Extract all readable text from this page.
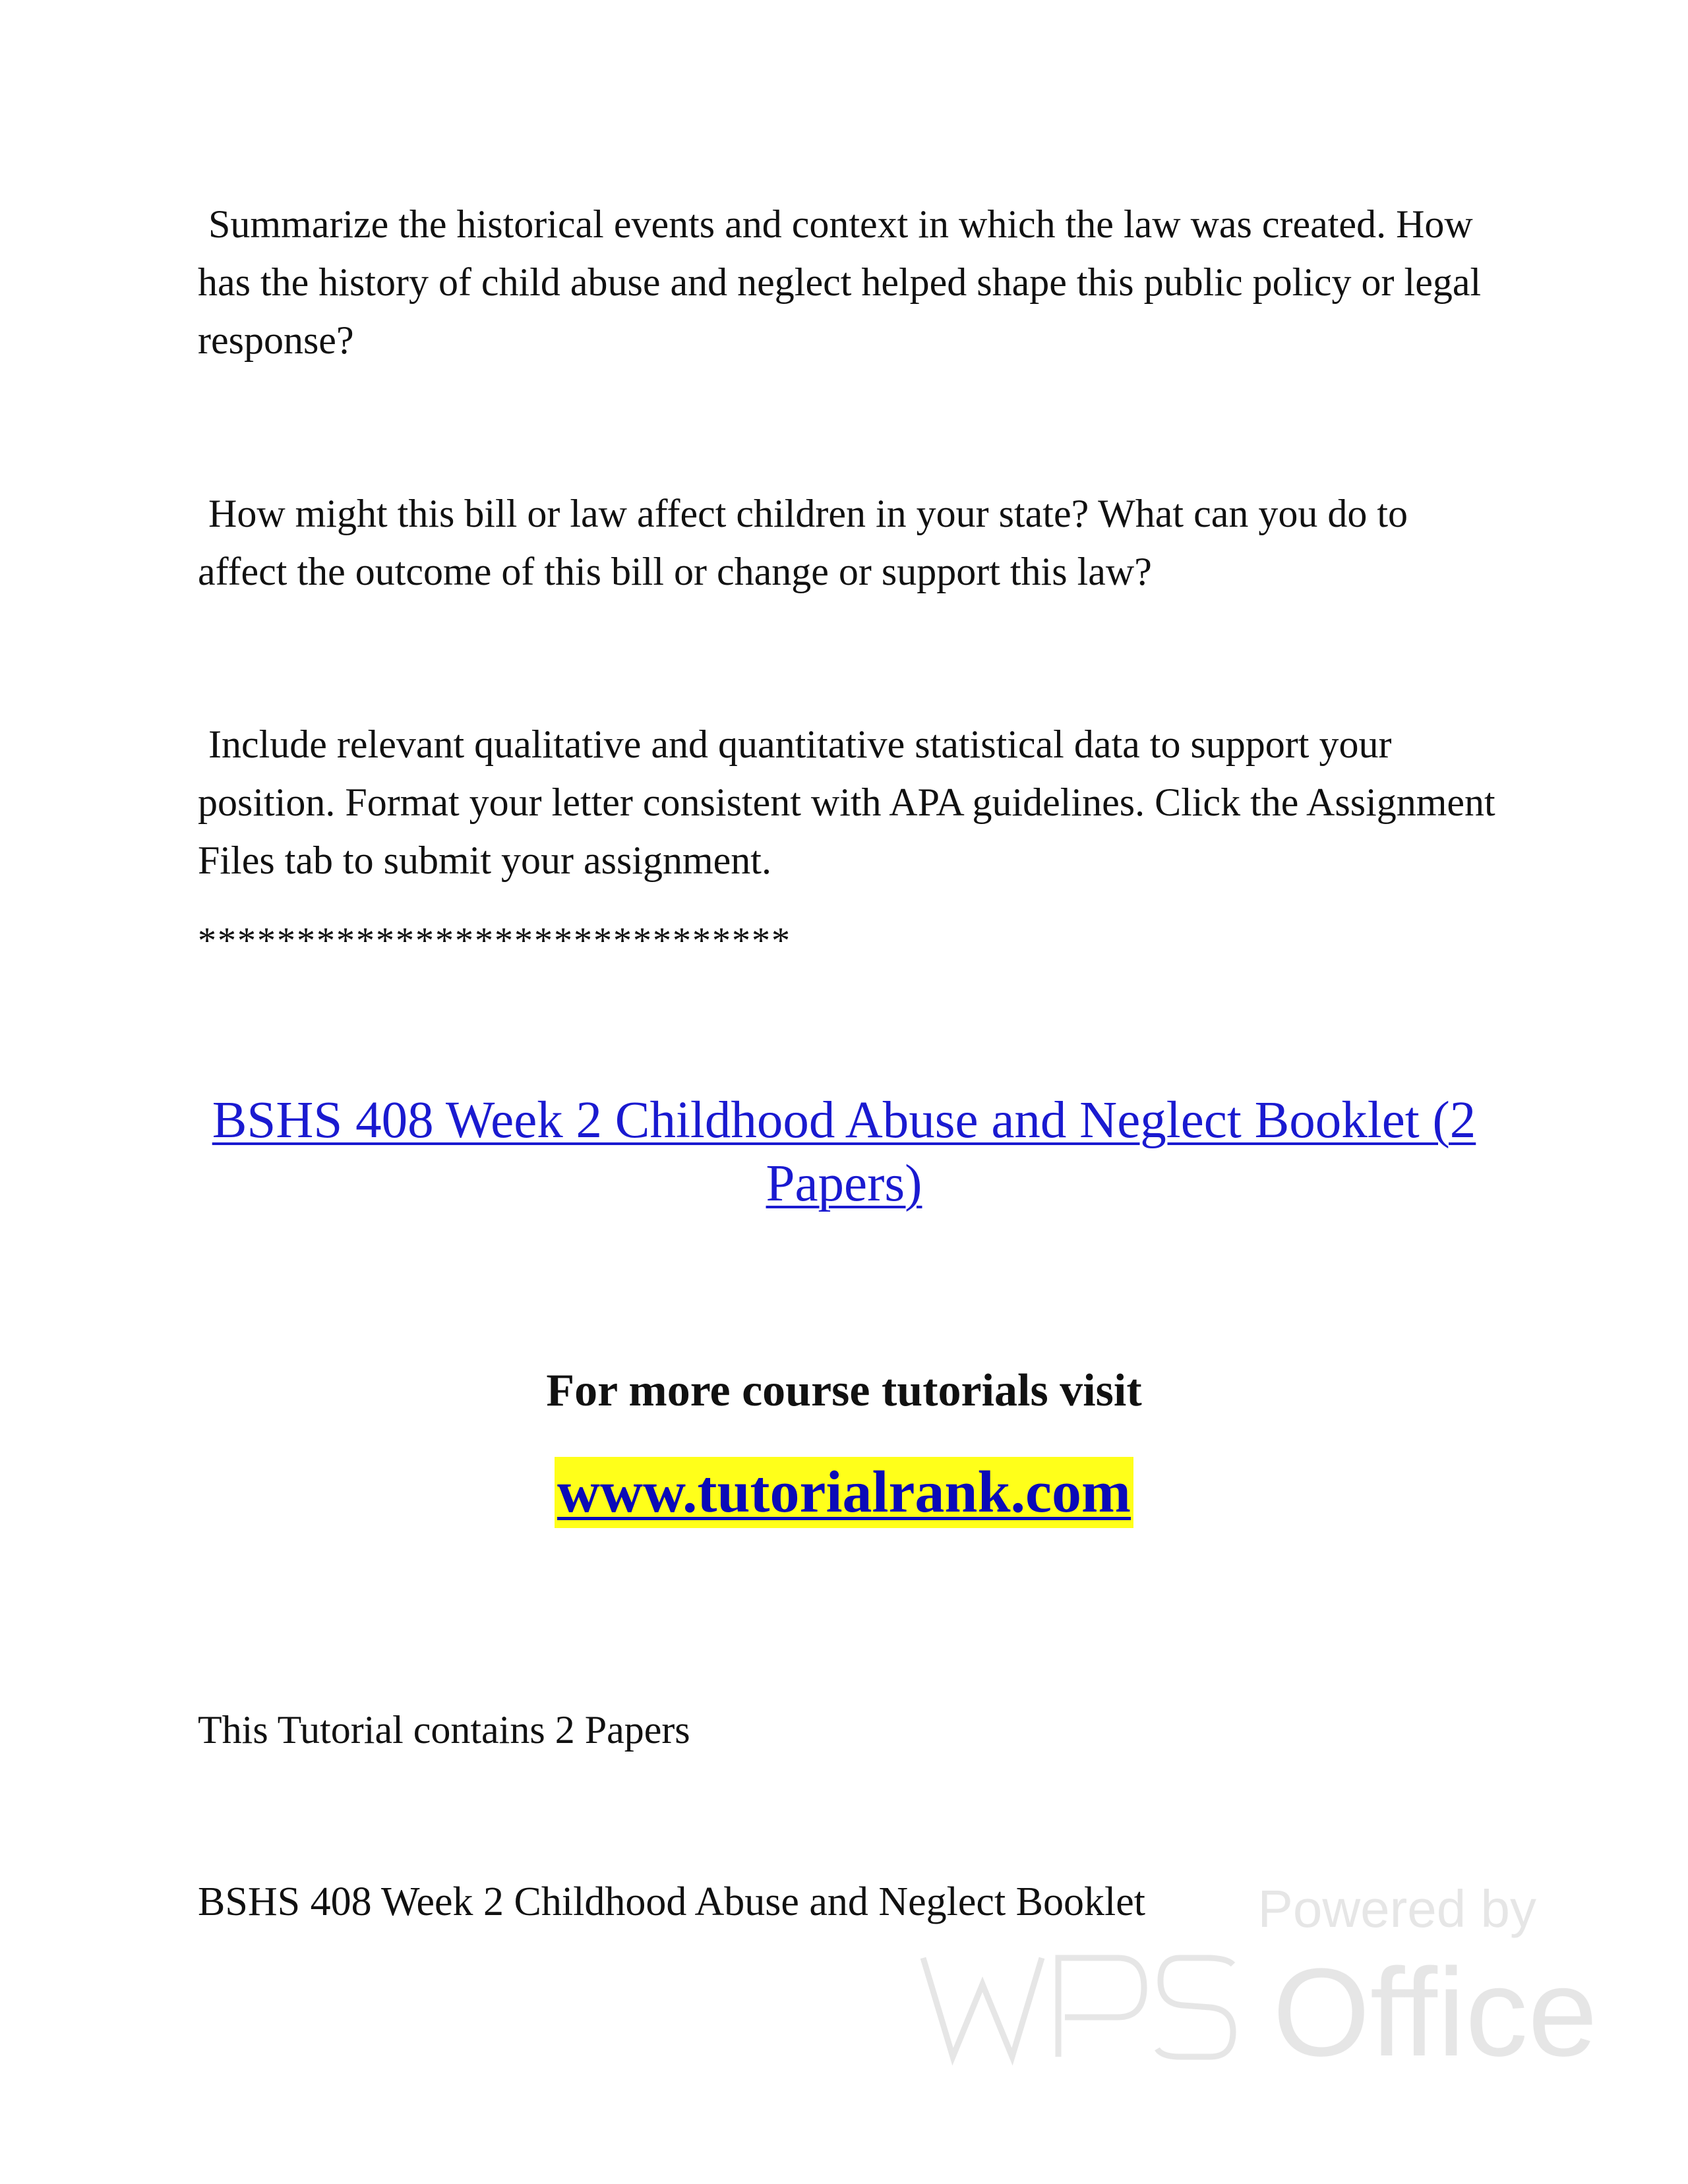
Summarize the historical events and context in which the law was created. How has the history of child abuse and neglect helped shape this public policy or legal response?

How might this bill or law affect children in your state? What can you do to affect the outcome of this bill or change or support this law?

Include relevant qualitative and quantitative statistical data to support your position. Format your letter consistent with APA guidelines. Click the Assignment Files tab to submit your assignment.

******************************

BSHS 408 Week 2 Childhood Abuse and Neglect Booklet (2 Papers)

For more course tutorials visit

www.tutorialrank.com

This Tutorial contains 2 Papers

BSHS 408 Week 2 Childhood Abuse and Neglect Booklet Powered by

Office
